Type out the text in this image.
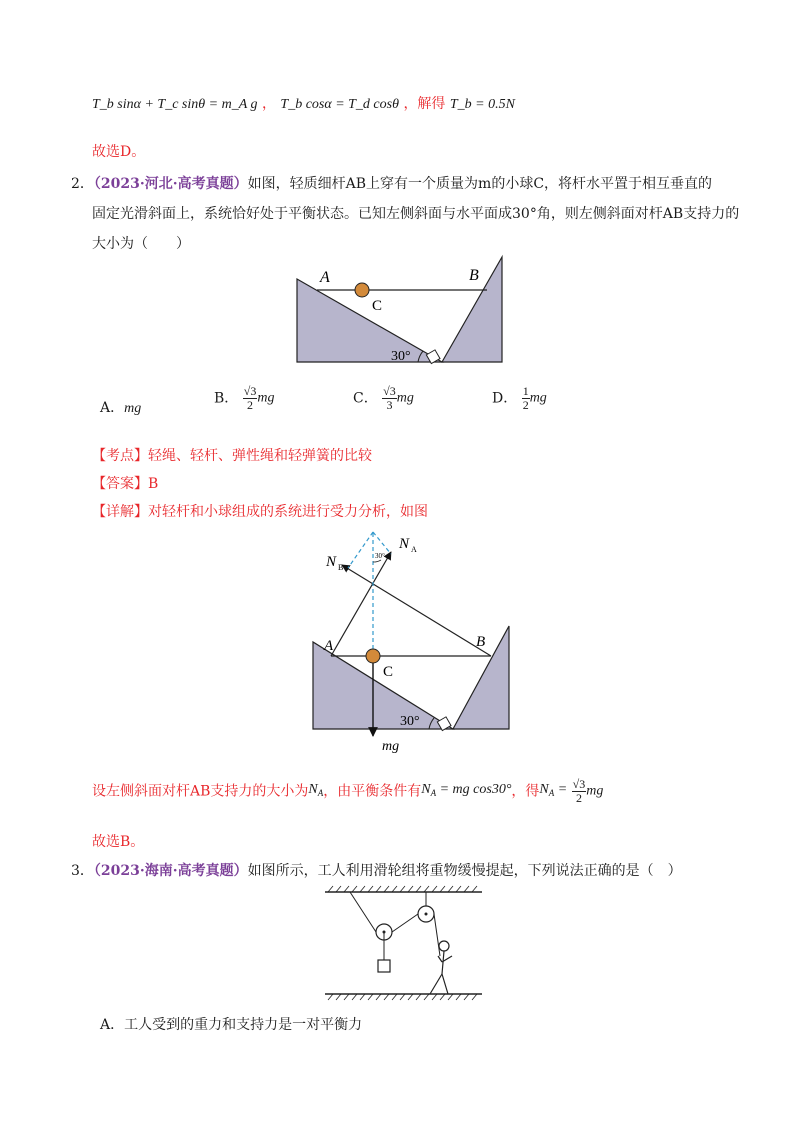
T_b sinα + T_c sinθ = m_A g ， T_b cosα = T_d cosθ ，解得 T_b = 0.5N
故选D。
2．（2023·河北·高考真题）如图，轻质细杆AB上穿有一个质量为m的小球C，将杆水平置于相互垂直的
固定光滑斜面上，系统恰好处于平衡状态。已知左侧斜面与水平面成30°角，则左侧斜面对杆AB支持力的
大小为（　　）
A	B
C
30°
A．mg
B． $\frac{√3}{2}$ mg	C． $\frac{√3}{3}$ mg	D． $\frac{1}{2}$ mg
【考点】轻绳、轻杆、弹性绳和轻弹簧的比较
【答案】B
【详解】对轻杆和小球组成的系统进行受力分析，如图
30°
N B
N A
A	B
C
30°
mg
设左侧斜面对杆AB支持力的大小为$N_A$，由平衡条件有$N_A$ = mg cos30°，得$N_A = \frac{√3}{2}$ mg
故选B。
3．（2023·海南·高考真题）如图所示，工人利用滑轮组将重物缓慢提起，下列说法正确的是（　）
A．工人受到的重力和支持力是一对平衡力
